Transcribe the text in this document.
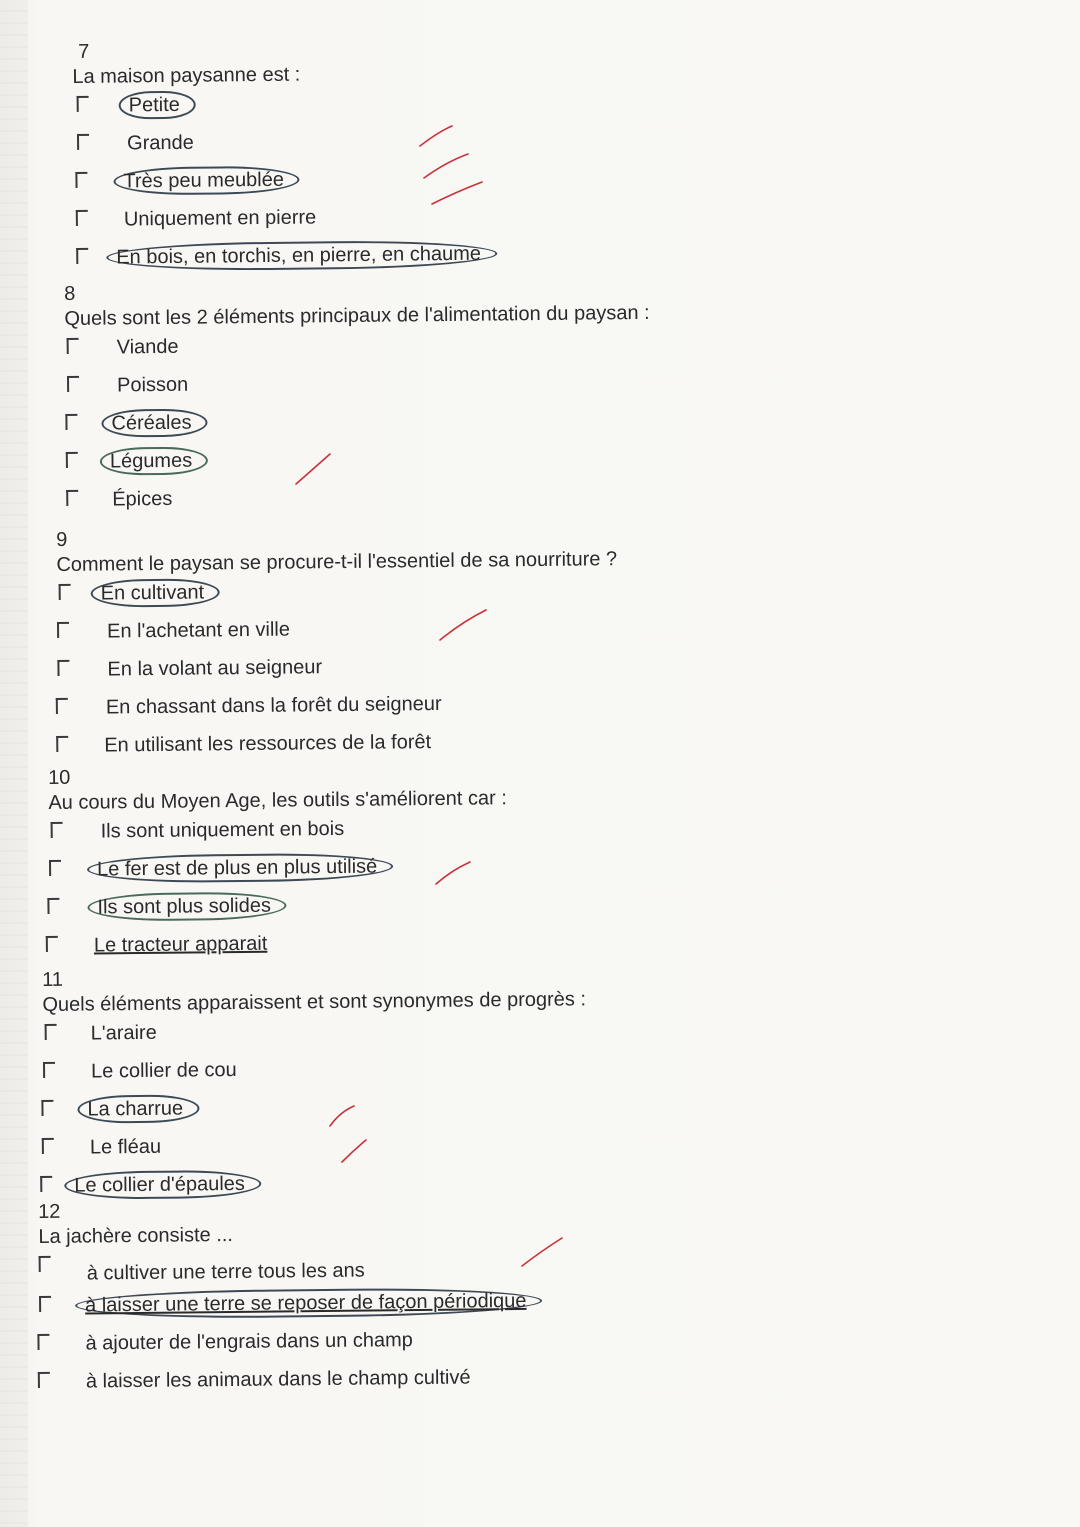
7
La maison paysanne est :
Petite
Grande
Très peu meublée
Uniquement en pierre
En bois, en torchis, en pierre, en chaume
8
Quels sont les 2 éléments principaux de l'alimentation du paysan :
Viande
Poisson
Céréales
Légumes
Épices
9
Comment le paysan se procure-t-il l'essentiel de sa nourriture ?
En cultivant
En l'achetant en ville
En la volant au seigneur
En chassant dans la forêt du seigneur
En utilisant les ressources de la forêt
10
Au cours du Moyen Age, les outils s'améliorent car :
Ils sont uniquement en bois
Le fer est de plus en plus utilisé
Ils sont plus solides
Le tracteur apparait
11
Quels éléments apparaissent et sont synonymes de progrès :
L'araire
Le collier de cou
La charrue
Le fléau
Le collier d'épaules
12
La jachère consiste ...
à cultiver une terre tous les ans
à laisser une terre se reposer de façon périodique
à ajouter de l'engrais dans un champ
à laisser les animaux dans le champ cultivé
